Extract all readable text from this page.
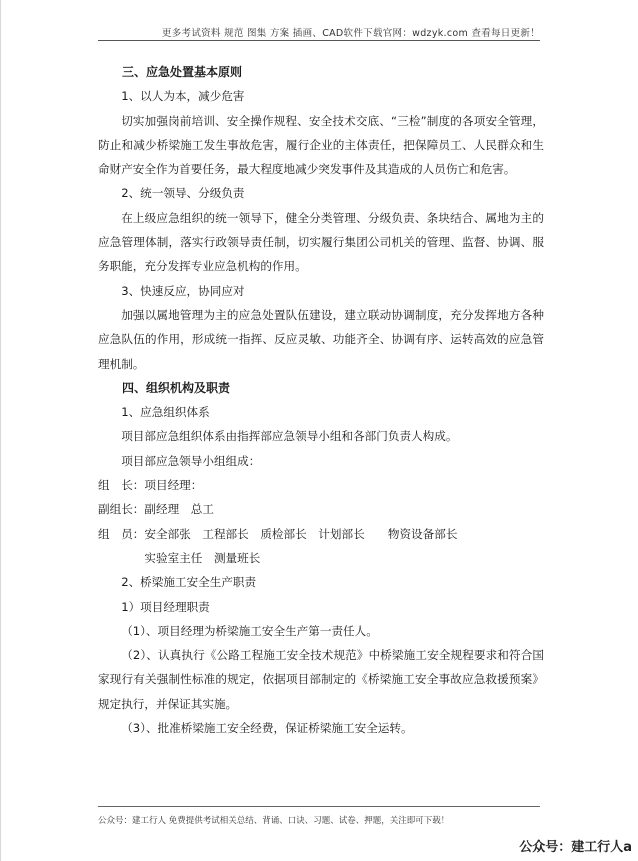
更多考试资料 规范 图集 方案 插画、CAD软件下载官网：wdzyk.com 查看每日更新！

三、应急处置基本原则

1、以人为本，减少危害

切实加强岗前培训、安全操作规程、安全技术交底、“三检”制度的各项安全管理，防止和减少桥梁施工发生事故危害，履行企业的主体责任，把保障员工、人民群众和生命财产安全作为首要任务，最大程度地减少突发事件及其造成的人员伤亡和危害。

2、统一领导、分级负责

在上级应急组织的统一领导下，健全分类管理、分级负责、条块结合、属地为主的应急管理体制，落实行政领导责任制，切实履行集团公司机关的管理、监督、协调、服务职能，充分发挥专业应急机构的作用。

3、快速反应，协同应对

加强以属地管理为主的应急处置队伍建设，建立联动协调制度，充分发挥地方各种应急队伍的作用，形成统一指挥、反应灵敏、功能齐全、协调有序、运转高效的应急管理机制。

四、组织机构及职责

1、应急组织体系

项目部应急组织体系由指挥部应急领导小组和各部门负责人构成。

项目部应急领导小组组成：

组　长：项目经理：

副组长：副经理　总工

组　员：安全部张　工程部长　质检部长　计划部长　　物资设备部长

　　　　实验室主任　测量班长

2、桥梁施工安全生产职责

1）项目经理职责

（1）、项目经理为桥梁施工安全生产第一责任人。

（2）、认真执行《公路工程施工安全技术规范》中桥梁施工安全规程要求和符合国家现行有关强制性标准的规定，依据项目部制定的《桥梁施工安全事故应急救援预案》规定执行，并保证其实施。

（3）、批准桥梁施工安全经费，保证桥梁施工安全运转。

公众号：建工行人 免费提供考试相关总结、背诵、口诀、习题、试卷、押题，关注即可下载！
公众号：建工行人a
